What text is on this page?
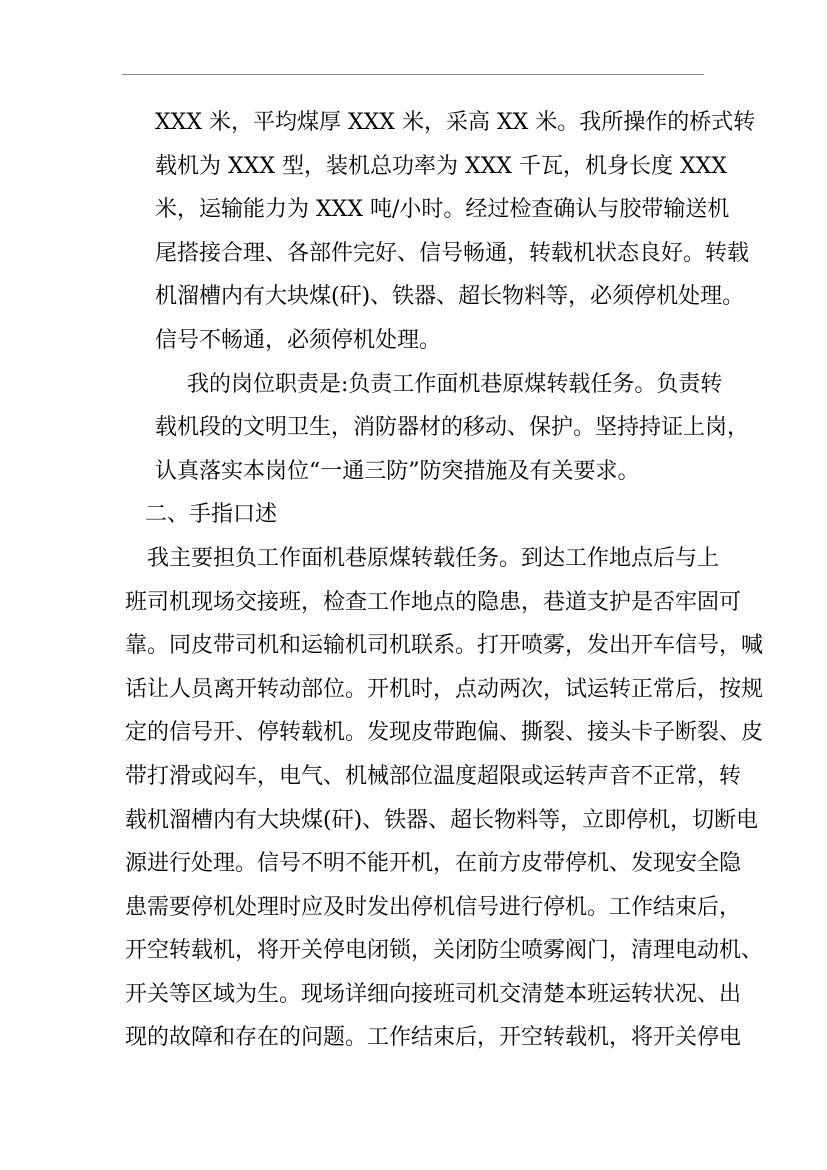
XXX 米，平均煤厚 XXX 米，采高 XX 米。我所操作的桥式转
载机为 XXX 型，装机总功率为 XXX 千瓦，机身长度 XXX
米，运输能力为 XXX 吨/小时。经过检查确认与胶带输送机
尾搭接合理、各部件完好、信号畅通，转载机状态良好。转载
机溜槽内有大块煤(矸)、铁器、超长物料等，必须停机处理。
信号不畅通，必须停机处理。
我的岗位职责是:负责工作面机巷原煤转载任务。负责转
载机段的文明卫生，消防器材的移动、保护。坚持持证上岗，
认真落实本岗位“一通三防”防突措施及有关要求。
二、手指口述
我主要担负工作面机巷原煤转载任务。到达工作地点后与上
班司机现场交接班，检查工作地点的隐患，巷道支护是否牢固可
靠。同皮带司机和运输机司机联系。打开喷雾，发出开车信号，喊
话让人员离开转动部位。开机时，点动两次，试运转正常后，按规
定的信号开、停转载机。发现皮带跑偏、撕裂、接头卡子断裂、皮
带打滑或闷车，电气、机械部位温度超限或运转声音不正常，转
载机溜槽内有大块煤(矸)、铁器、超长物料等，立即停机，切断电
源进行处理。信号不明不能开机，在前方皮带停机、发现安全隐
患需要停机处理时应及时发出停机信号进行停机。工作结束后，
开空转载机，将开关停电闭锁，关闭防尘喷雾阀门，清理电动机、
开关等区域为生。现场详细向接班司机交清楚本班运转状况、出
现的故障和存在的问题。工作结束后，开空转载机，将开关停电
